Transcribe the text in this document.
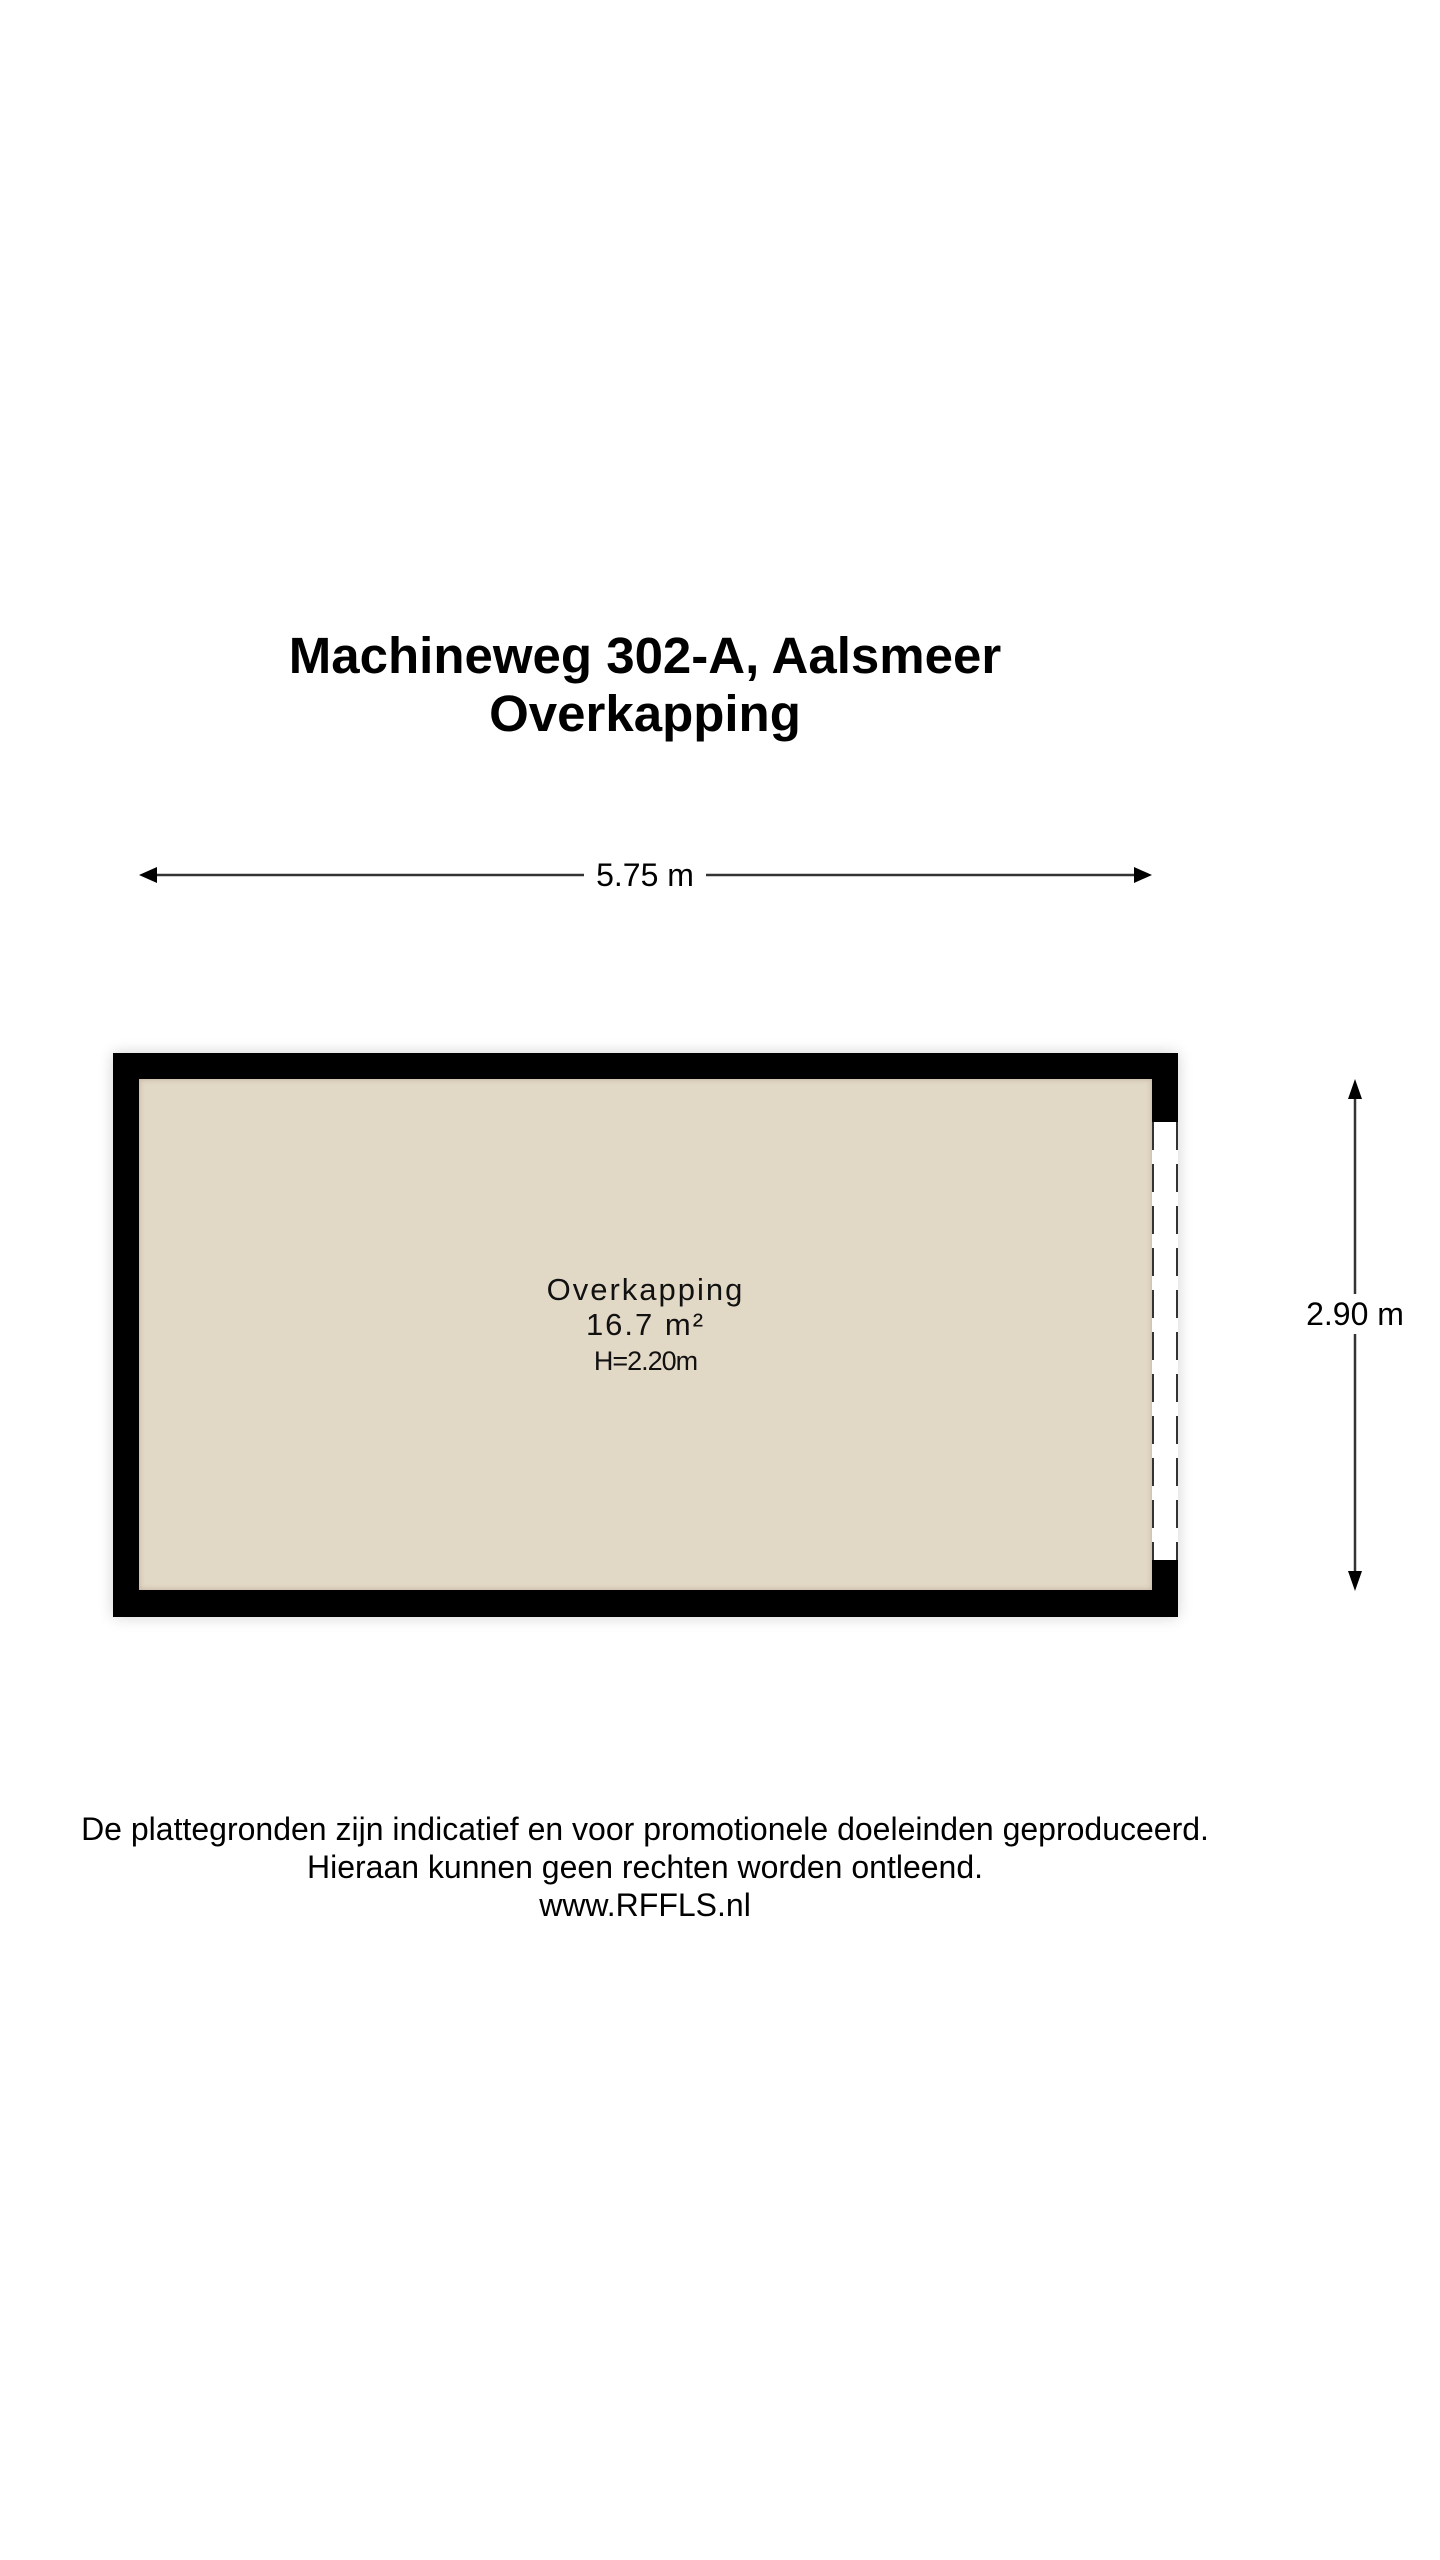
Machineweg 302-A, Aalsmeer
Overkapping
5.75 m
Overkapping
16.7 m²
H=2.20m
2.90 m
De plattegronden zijn indicatief en voor promotionele doeleinden geproduceerd.
Hieraan kunnen geen rechten worden ontleend.
www.RFFLS.nl
